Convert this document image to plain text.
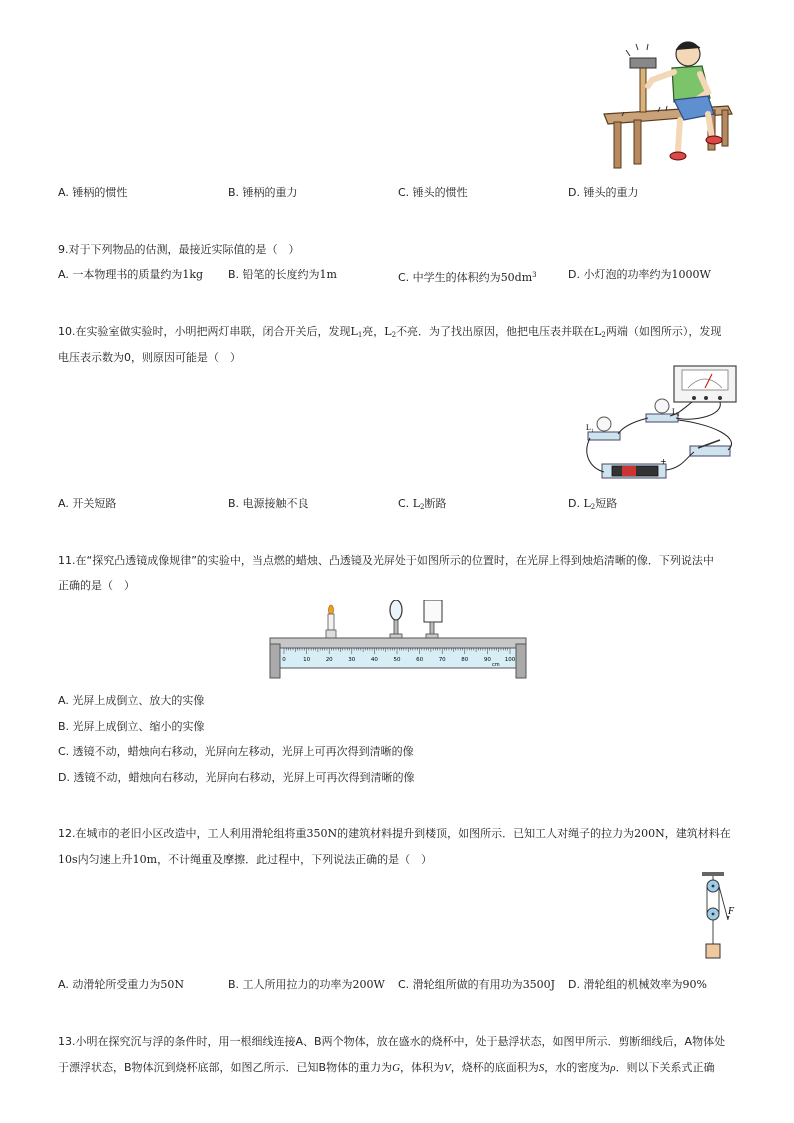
A. 锤柄的惯性	B. 锤柄的重力	C. 锤头的惯性	D. 锤头的重力
9.对于下列物品的估测，最接近实际值的是（　）
A. 一本物理书的质量约为1kg B. 铅笔的长度约为1m	C. 中学生的体积约为$50dm^3$	D. 小灯泡的功率约为1000W
10.在实验室做实验时，小明把两灯串联，闭合开关后，发现$L_1$亮，$L_2$不亮．为了找出原因，他把电压表并联在$L_2$两端（如图所示），发现
电压表示数为0，则原因可能是（　）
L 2
L 1
+
A. 开关短路	B. 电源接触不良	C. $L_2$断路	D. $L_2$短路
11.在“探究凸透镜成像规律”的实验中，当点燃的蜡烛、凸透镜及光屏处于如图所示的位置时，在光屏上得到烛焰清晰的像．下列说法中
正确的是（　）
0	10	20	30	40	50	60	70	80	90	100
cm
A. 光屏上成倒立、放大的实像
B. 光屏上成倒立、缩小的实像
C. 透镜不动，蜡烛向右移动，光屏向左移动，光屏上可再次得到清晰的像
D. 透镜不动，蜡烛向右移动，光屏向右移动，光屏上可再次得到清晰的像
12.在城市的老旧小区改造中，工人利用滑轮组将重350N的建筑材料提升到楼顶，如图所示．已知工人对绳子的拉力为200N，建筑材料在
10s内匀速上升10m，不计绳重及摩擦．此过程中，下列说法正确的是（　）
F
A. 动滑轮所受重力为50N	B. 工人所用拉力的功率为200W C. 滑轮组所做的有用功为3500J D. 滑轮组的机械效率为90%
13.小明在探究沉与浮的条件时，用一根细线连接A、B两个物体，放在盛水的烧杯中，处于悬浮状态，如图甲所示．剪断细线后，A物体处
于漂浮状态，B物体沉到烧杯底部，如图乙所示．已知B物体的重力为G，体积为V，烧杯的底面积为S，水的密度为ρ．则以下关系式正确
